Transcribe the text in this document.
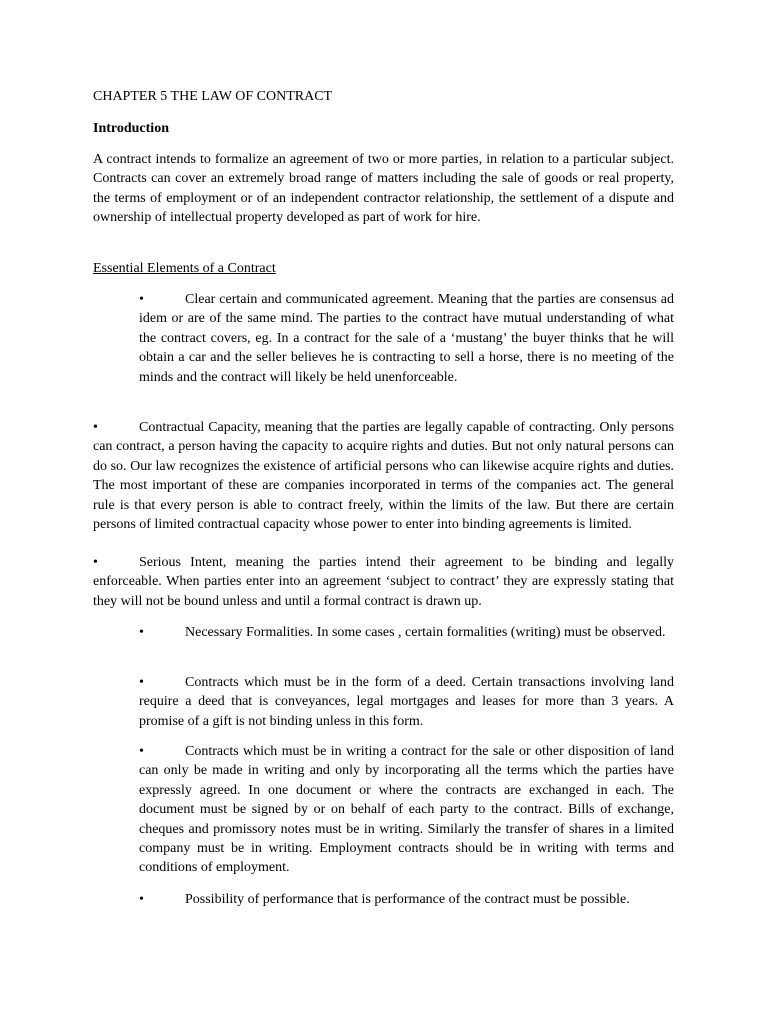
CHAPTER 5 THE LAW OF CONTRACT
Introduction
A contract intends to formalize an agreement of two or more parties, in relation to a particular subject. Contracts can cover an extremely broad range of matters including the sale of goods or real property, the terms of employment or of an independent contractor relationship, the settlement of a dispute and ownership of intellectual property developed as part of work for hire.
Essential Elements of a Contract
•	Clear certain and communicated agreement. Meaning that the parties are consensus ad idem or are of the same mind. The parties to the contract have mutual understanding of what the contract covers, eg. In a contract for the sale of a ‘mustang’ the buyer thinks that he will obtain a car and the seller believes he is contracting to sell a horse, there is no meeting of the minds and the contract will likely be held unenforceable.
•	Contractual Capacity, meaning that the parties are legally capable of contracting. Only persons can contract, a person having the capacity to acquire rights and duties. But not only natural persons can do so. Our law recognizes the existence of artificial persons who can likewise acquire rights and duties. The most important of these are companies incorporated in terms of the companies act. The general rule is that every person is able to contract freely, within the limits of the law. But there are certain persons of limited contractual capacity whose power to enter into binding agreements is limited.
•	Serious Intent, meaning the parties intend their agreement to be binding and legally enforceable. When parties enter into an agreement ‘subject to contract’ they are expressly stating that they will not be bound unless and until a formal contract is drawn up.
•	Necessary Formalities. In some cases , certain formalities (writing) must be observed.
•	Contracts which must be in the form of a deed. Certain transactions involving land require a deed that is conveyances, legal mortgages and leases for more than 3 years. A promise of a gift is not binding unless in this form.
•	Contracts which must be in writing a contract for the sale or other disposition of land can only be made in writing and only by incorporating all the terms which the parties have expressly agreed. In one document or where the contracts are exchanged in each. The document must be signed by or on behalf of each party to the contract. Bills of exchange, cheques and promissory notes must be in writing. Similarly the transfer of shares in a limited company must be in writing. Employment contracts should be in writing with terms and conditions of employment.
•	Possibility of performance that is performance of the contract must be possible.
